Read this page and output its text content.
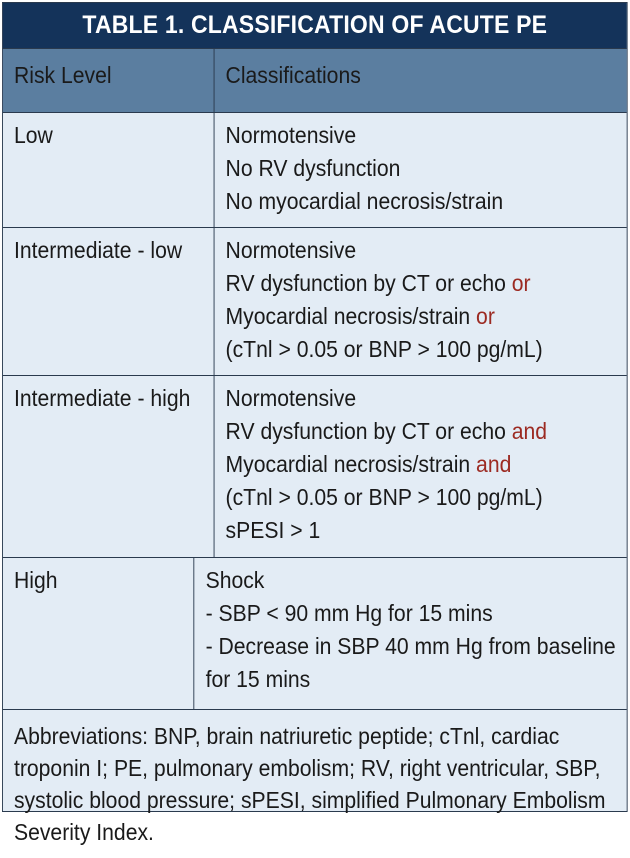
TABLE 1. CLASSIFICATION OF ACUTE PE
Risk Level	Classifications
Low	Normotensive
No RV dysfunction
No myocardial necrosis/strain
Intermediate - low	Normotensive
RV dysfunction by CT or echo or
Myocardial necrosis/strain or
(cTnl > 0.05 or BNP > 100 pg/mL)
Intermediate - high	Normotensive
RV dysfunction by CT or echo and
Myocardial necrosis/strain and
(cTnl > 0.05 or BNP > 100 pg/mL)
sPESI > 1
High	Shock
- SBP < 90 mm Hg for 15 mins
- Decrease in SBP 40 mm Hg from baseline
for 15 mins
Abbreviations: BNP, brain natriuretic peptide; cTnl, cardiac troponin I; PE, pulmonary embolism; RV, right ventricular, SBP, systolic blood pressure; sPESI, simplified Pulmonary Embolism Severity Index.
